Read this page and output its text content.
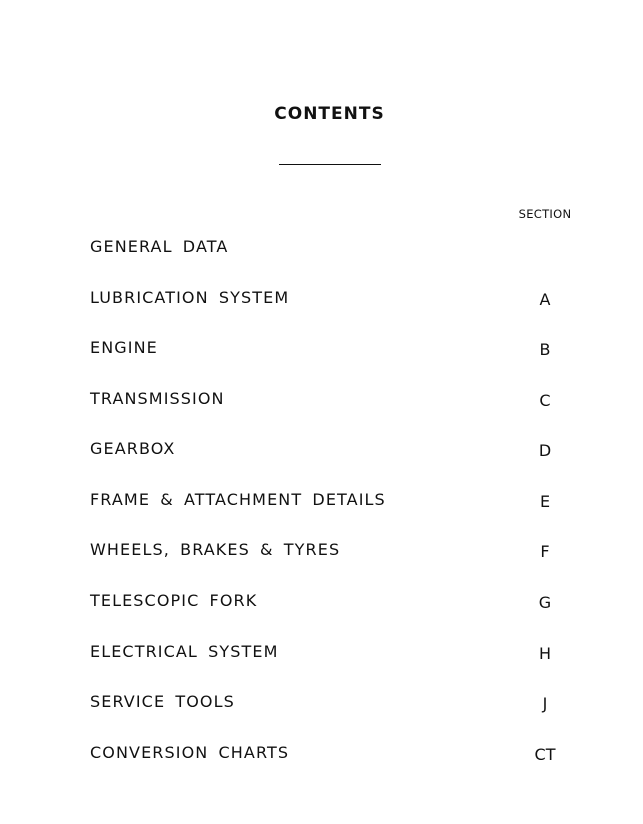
CONTENTS
SECTION
GENERAL DATA
LUBRICATION SYSTEM	A
ENGINE	B
TRANSMISSION	C
GEARBOX	D
FRAME & ATTACHMENT DETAILS	E
WHEELS, BRAKES & TYRES	F
TELESCOPIC FORK	G
ELECTRICAL SYSTEM	H
SERVICE TOOLS	J
CONVERSION CHARTS	CT
